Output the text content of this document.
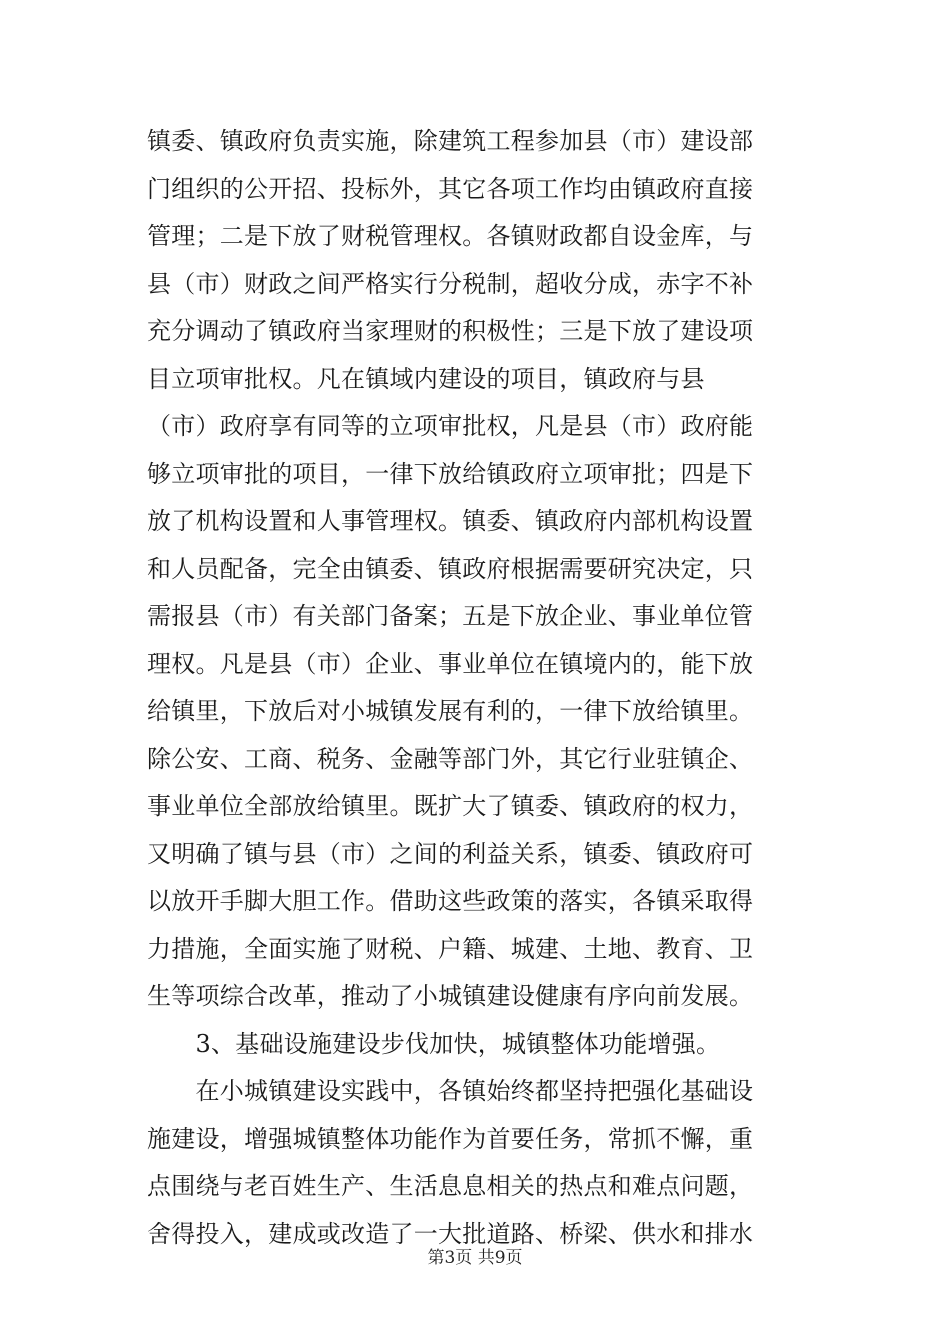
镇委、镇政府负责实施，除建筑工程参加县（市）建设部
门组织的公开招、投标外，其它各项工作均由镇政府直接
管理；二是下放了财税管理权。各镇财政都自设金库，与
县（市）财政之间严格实行分税制，超收分成，赤字不补
充分调动了镇政府当家理财的积极性；三是下放了建设项
目立项审批权。凡在镇域内建设的项目，镇政府与县
（市）政府享有同等的立项审批权，凡是县（市）政府能
够立项审批的项目，一律下放给镇政府立项审批；四是下
放了机构设置和人事管理权。镇委、镇政府内部机构设置
和人员配备，完全由镇委、镇政府根据需要研究决定，只
需报县（市）有关部门备案；五是下放企业、事业单位管
理权。凡是县（市）企业、事业单位在镇境内的，能下放
给镇里，下放后对小城镇发展有利的，一律下放给镇里。
除公安、工商、税务、金融等部门外，其它行业驻镇企、
事业单位全部放给镇里。既扩大了镇委、镇政府的权力，
又明确了镇与县（市）之间的利益关系，镇委、镇政府可
以放开手脚大胆工作。借助这些政策的落实，各镇采取得
力措施，全面实施了财税、户籍、城建、土地、教育、卫
生等项综合改革，推动了小城镇建设健康有序向前发展。
　　3、基础设施建设步伐加快，城镇整体功能增强。
　　在小城镇建设实践中，各镇始终都坚持把强化基础设
施建设，增强城镇整体功能作为首要任务，常抓不懈，重
点围绕与老百姓生产、生活息息相关的热点和难点问题，
舍得投入，建成或改造了一大批道路、桥梁、供水和排水
第3页 共9页
